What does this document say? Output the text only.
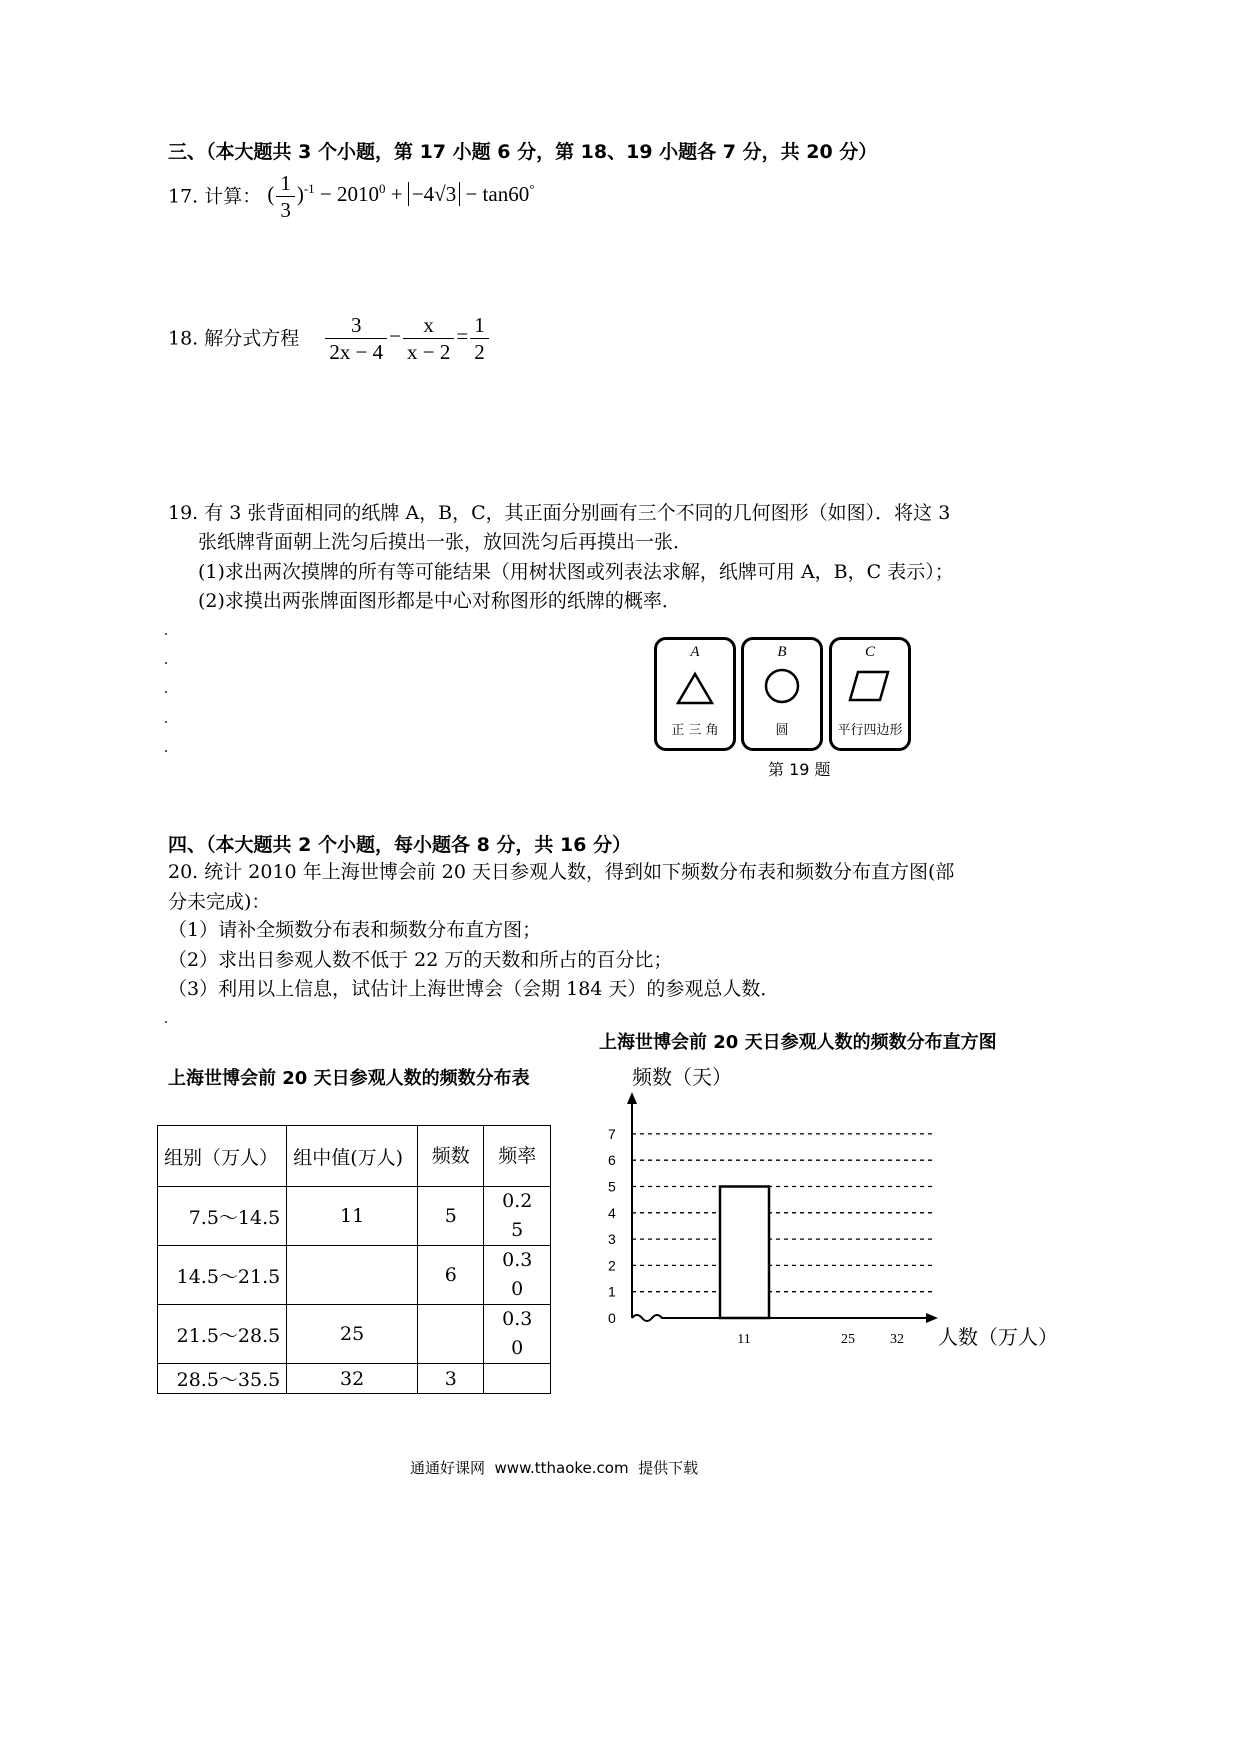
三、（本大题共 3 个小题，第 17 小题 6 分，第 18、19 小题各 7 分，共 20 分）
17. 计算： ( $\frac{1}{3} )^{-1} - 2010^0 + -4√3 - \tan 60^\circ$
18. 解分式方程 $\frac{3}{2x - 4} - \frac{x}{x - 2} = \frac{1}{2}$
19. 有 3 张背面相同的纸牌 A，B，C，其正面分别画有三个不同的几何图形（如图）．将这 3
张纸牌背面朝上洗匀后摸出一张，放回洗匀后再摸出一张．
(1)求出两次摸牌的所有等可能结果（用树状图或列表法求解，纸牌可用 A，B，C 表示）；
(2)求摸出两张牌面图形都是中心对称图形的纸牌的概率．
A
正 三 角
B
圆
C
平行四边形
第 19 题
四、（本大题共 2 个小题，每小题各 8 分，共 16 分）
20. 统计 2010 年上海世博会前 20 天日参观人数，得到如下频数分布表和频数分布直方图(部
分未完成)：
（1）请补全频数分布表和频数分布直方图；
（2）求出日参观人数不低于 22 万的天数和所占的百分比；
（3）利用以上信息，试估计上海世博会（会期 184 天）的参观总人数．
上海世博会前 20 天日参观人数的频数分布表
组别（万人）	组中值(万人)	频数	频率
7.5～14.5	11	5	0.25
14.5～21.5		6	0.30
21.5～28.5	25		0.30
28.5～35.5	32	3	
上海世博会前 20 天日参观人数的频数分布直方图
频数（天）
人数（万人）
0
1
2
3
4
5
6
7
11	25	32
通通好课网  www.tthaoke.com  提供下载
